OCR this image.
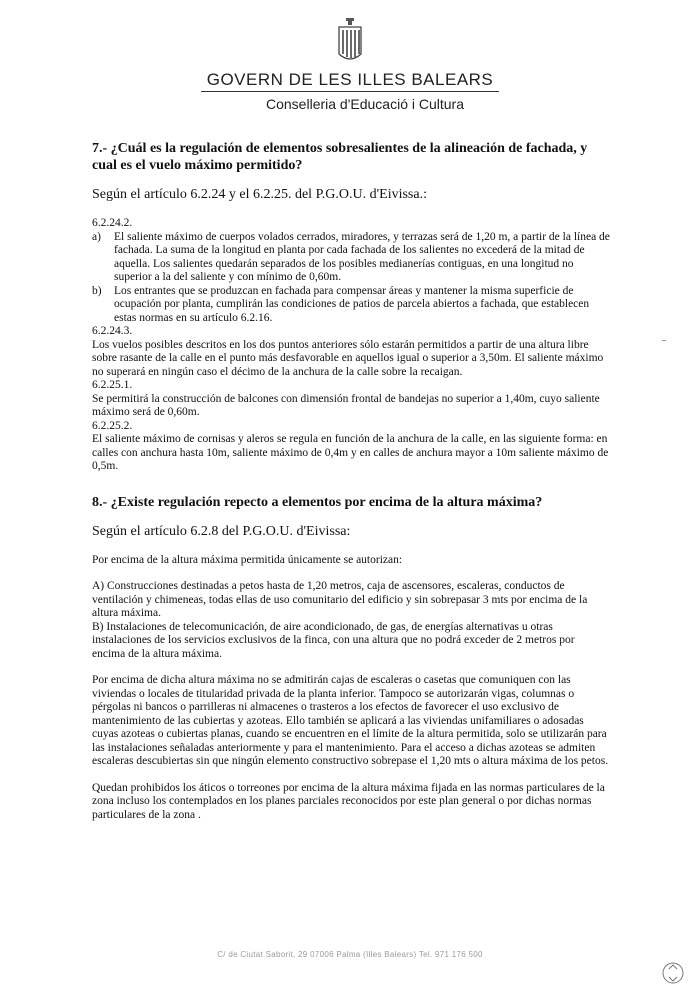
GOVERN DE LES ILLES BALEARS
Conselleria d'Educació i Cultura

7.- ¿Cuál es la regulación de elementos sobresalientes de la alineación de fachada, y cual es el vuelo máximo permitido?

Según el artículo 6.2.24 y el 6.2.25. del P.G.O.U. d'Eivissa.:

6.2.24.2.

a) El saliente máximo de cuerpos volados cerrados, miradores, y terrazas será de 1,20 m, a partir de la línea de fachada. La suma de la longitud en planta por cada fachada de los salientes no excederá de la mitad de aquella. Los salientes quedarán separados de los posibles medianerías contiguas, en una longitud no superior a la del saliente y con mínimo de 0,60m.
b) Los entrantes que se produzcan en fachada para compensar áreas y mantener la misma superficie de ocupación por planta, cumplirán las condiciones de patios de parcela abiertos a fachada, que establecen estas normas en su artículo 6.2.16.

6.2.24.3.

Los vuelos posibles descritos en los dos puntos anteriores sólo estarán permitidos a partir de una altura libre sobre rasante de la calle en el punto más desfavorable en aquellos igual o superior a 3,50m. El saliente máximo no superará en ningún caso el décimo de la anchura de la calle sobre la recaigan.

6.2.25.1.

Se permitirá la construcción de balcones con dimensión frontal de bandejas no superior a 1,40m, cuyo saliente máximo será de 0,60m.

6.2.25.2.

El saliente máximo de cornisas y aleros se regula en función de la anchura de la calle, en las siguiente forma: en calles con anchura hasta 10m, saliente máximo de 0,4m y en calles de anchura mayor a 10m saliente máximo de 0,5m.

8.- ¿Existe regulación repecto a elementos por encima de la altura máxima?

Según el artículo 6.2.8 del P.G.O.U. d'Eivissa:

Por encima de la altura máxima permitida únicamente se autorizan:

A) Construcciones destinadas a petos hasta de 1,20 metros, caja de ascensores, escaleras, conductos de ventilación y chimeneas, todas ellas de uso comunitario del edificio y sin sobrepasar 3 mts por encima de la altura máxima.

B) Instalaciones de telecomunicación, de aire acondicionado, de gas, de energías alternativas u otras instalaciones de los servicios exclusivos de la finca, con una altura que no podrá exceder de 2 metros por encima de la altura máxima.

Por encima de dicha altura máxima no se admitirán cajas de escaleras o casetas que comuniquen con las viviendas o locales de titularidad privada de la planta inferior. Tampoco se autorizarán vigas, columnas o pérgolas ni bancos o parrilleras ni almacenes o trasteros a los efectos de favorecer el uso exclusivo de mantenimiento de las cubiertas y azoteas. Ello también se aplicará a las viviendas unifamiliares o adosadas cuyas azoteas o cubiertas planas, cuando se encuentren en el límite de la altura permitida, solo se utilizarán para las instalaciones señaladas anteriormente y para el mantenimiento. Para el acceso a dichas azoteas se admiten escaleras descubiertas sin que ningún elemento constructivo sobrepase el 1,20 mts o altura máxima de los petos.

Quedan prohibidos los áticos o torreones por encima de la altura máxima fijada en las normas particulares de la zona incluso los contemplados en los planes parciales reconocidos por este plan general o por dichas normas particulares de la zona .

C/ de Ciutat Saborit, 29 07006 Palma (Illes Balears) Tel. 971 176 500
